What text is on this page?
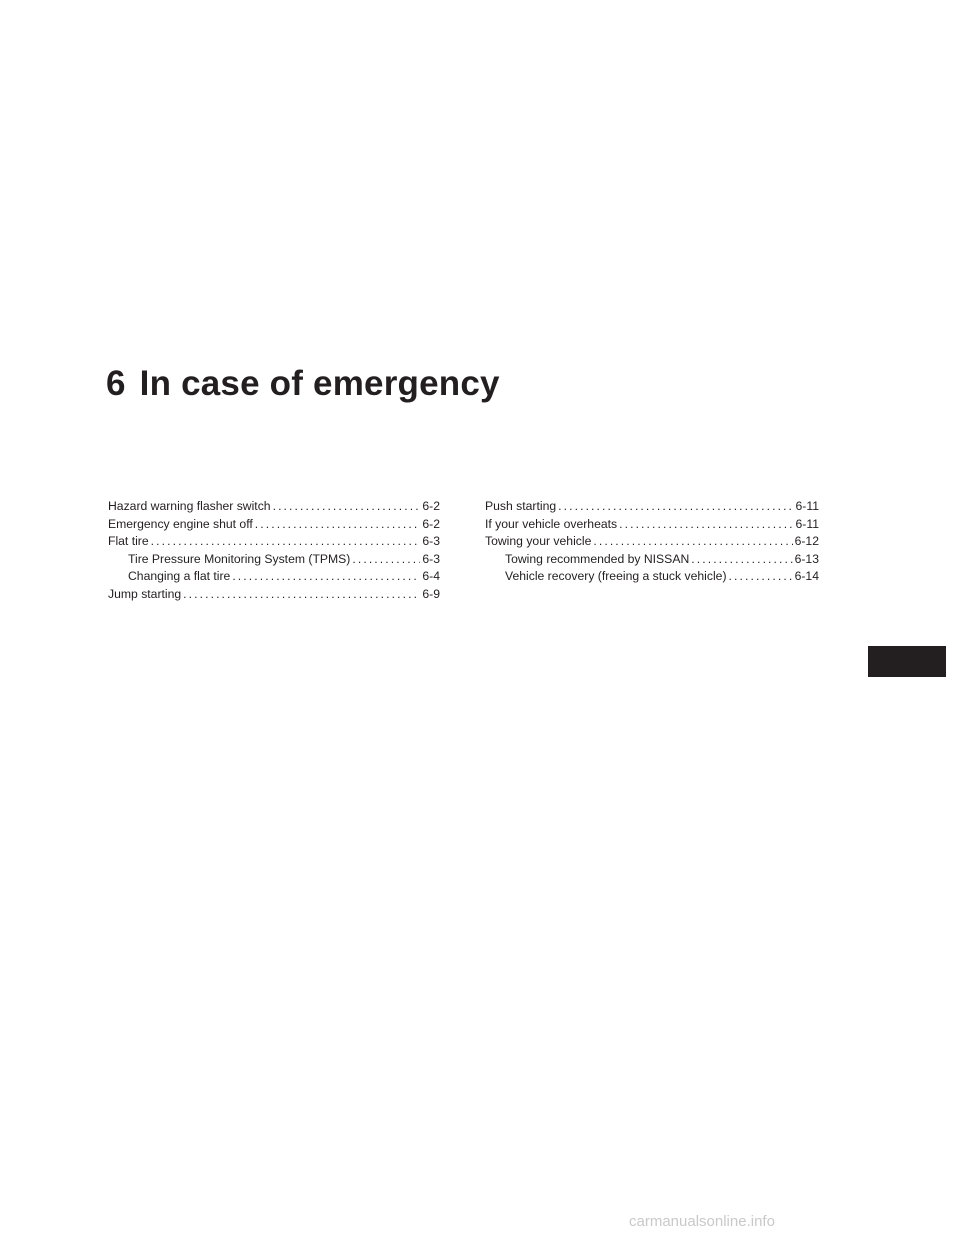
6 In case of emergency
Hazard warning flasher switch .....	6-2
Emergency engine shut off .....	6-2
Flat tire .....	6-3
Tire Pressure Monitoring System (TPMS) .....	6-3
Changing a flat tire .....	6-4
Jump starting .....	6-9
Push starting .....	6-11
If your vehicle overheats .....	6-11
Towing your vehicle .....	6-12
Towing recommended by NISSAN .....	6-13
Vehicle recovery (freeing a stuck vehicle) .....	6-14
carmanualsonline.info
